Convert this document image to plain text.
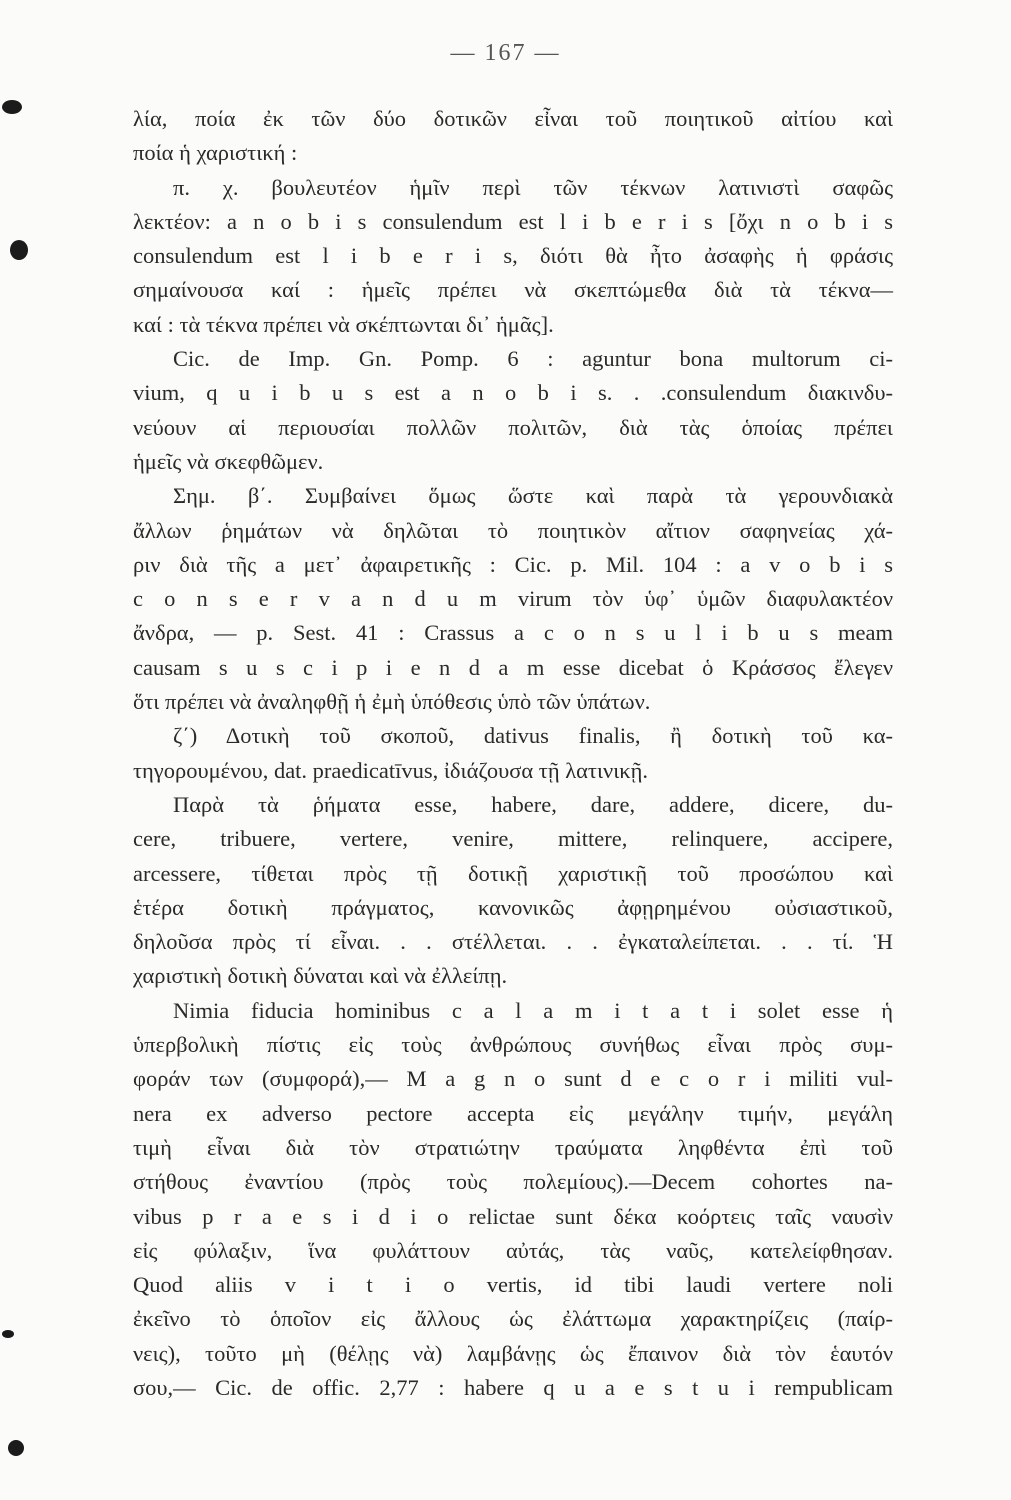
— 167 —
λία, ποία ἐκ τῶν δύο δοτικῶν εἶναι τοῦ ποιητικοῦ αἰτίου καὶ
ποία ἡ χαριστική :
π. χ. βουλευτέον ἡμῖν περὶ τῶν τέκνων λατινιστὶ σαφῶς
λεκτέον: a n o b i s consulendum est l i b e r i s [ὄχι n o b i s
consulendum est l i b e r i s, διότι θὰ ἦτο ἀσαφὴς ἡ φράσις
σημαίνουσα καί : ἡμεῖς πρέπει νὰ σκεπτώμεθα διὰ τὰ τέκνα—
καί : τὰ τέκνα πρέπει νὰ σκέπτωνται δι᾿ ἡμᾶς].
Cic. de Imp. Gn. Pomp. 6 : aguntur bona multorum ci-
vium, q u i b u s est a n o b i s. . .consulendum διακινδυ-
νεύουν αἱ περιουσίαι πολλῶν πολιτῶν, διὰ τὰς ὁποίας πρέπει
ἡμεῖς νὰ σκεφθῶμεν.
Σημ. β΄. Συμβαίνει ὅμως ὥστε καὶ παρὰ τὰ γερουνδιακὰ
ἄλλων ῥημάτων νὰ δηλῶται τὸ ποιητικὸν αἴτιον σαφηνείας χά-
ριν διὰ τῆς a μετ᾿ ἀφαιρετικῆς : Cic. p. Mil. 104 : a v o b i s
c o n s e r v a n d u m virum τὸν ὑφ᾿ ὑμῶν διαφυλακτέον
ἄνδρα, — p. Sest. 41 : Crassus a c o n s u l i b u s meam
causam s u s c i p i e n d a m esse dicebat ὁ Κράσσος ἔλεγεν
ὅτι πρέπει νὰ ἀναληφθῇ ἡ ἐμὴ ὑπόθεσις ὑπὸ τῶν ὑπάτων.
ζ΄) Δοτικὴ τοῦ σκοποῦ, dativus finalis, ἢ δοτικὴ τοῦ κα-
τηγορουμένου, dat. praedicatīvus, ἰδιάζουσα τῇ λατινικῇ.
Παρὰ τὰ ῥήματα esse, habere, dare, addere, dicere, du-
cere, tribuere, vertere, venire, mittere, relinquere, accipere,
arcessere, τίθεται πρὸς τῇ δοτικῇ χαριστικῇ τοῦ προσώπου καὶ
ἑτέρα δοτικὴ πράγματος, κανονικῶς ἀφῃρημένου οὐσιαστικοῦ,
δηλοῦσα πρὸς τί εἶναι. . . στέλλεται. . . ἐγκαταλείπεται. . . τί. Ἡ
χαριστικὴ δοτικὴ δύναται καὶ νὰ ἐλλείπῃ.
Nimia fiducia hominibus c a l a m i t a t i solet esse ἡ
ὑπερβολικὴ πίστις εἰς τοὺς ἀνθρώπους συνήθως εἶναι πρὸς συμ-
φοράν των (συμφορά),— M a g n o sunt d e c o r i militi vul-
nera ex adverso pectore accepta εἰς μεγάλην τιμήν, μεγάλη
τιμὴ εἶναι διὰ τὸν στρατιώτην τραύματα ληφθέντα ἐπὶ τοῦ
στήθους ἐναντίου (πρὸς τοὺς πολεμίους).—Decem cohortes na-
vibus p r a e s i d i o relictae sunt δέκα κοόρτεις ταῖς ναυσὶν
εἰς φύλαξιν, ἵνα φυλάττουν αὐτάς, τὰς ναῦς, κατελείφθησαν.
Quod aliis v i t i o vertis, id tibi laudi vertere noli
ἐκεῖνο τὸ ὁποῖον εἰς ἄλλους ὡς ἐλάττωμα χαρακτηρίζεις (παίρ-
νεις), τοῦτο μὴ (θέλῃς νὰ) λαμβάνῃς ὡς ἔπαινον διὰ τὸν ἑαυτόν
σου,— Cic. de offic. 2,77 : habere q u a e s t u i rempublicam
